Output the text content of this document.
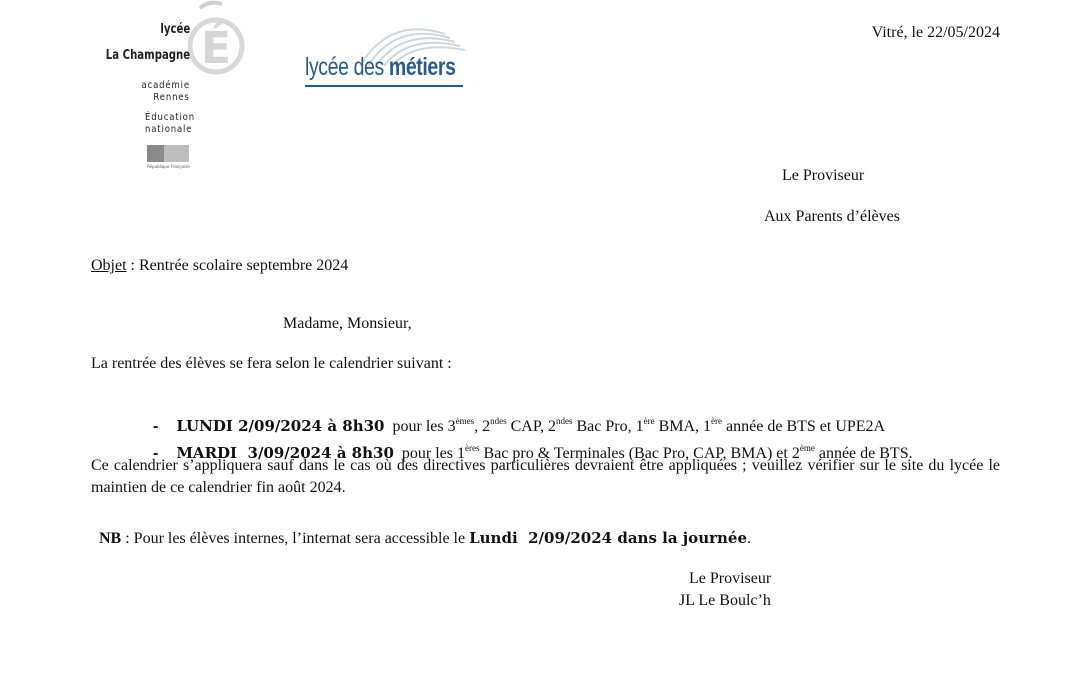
É
lycée
La Champagne
académie
Rennes
Éducation
nationale
République Française
lycée des métiers
Vitré, le 22/05/2024
Le Proviseur
Aux Parents d’élèves
Objet : Rentrée scolaire septembre 2024
Madame, Monsieur,
La rentrée des élèves se fera selon le calendrier suivant :

- LUNDI 2/09/2024 à 8h30  pour les 3èmes, $2^{ndes}$ CAP, $2^{ndes}$ Bac Pro, 1ère BMA, 1ère année de BTS et UPE2A

- MARDI  3/09/2024 à 8h30  pour les 1ères Bac pro & Terminales (Bac Pro, CAP, BMA) et 2ème année de BTS.

Ce calendrier s’appliquera sauf dans le cas où des directives particulières devraient être appliquées ; veuillez vérifier sur le site du lycée le maintien de ce calendrier fin août 2024.

NB : Pour les élèves internes, l’internat sera accessible le Lundi  2/09/2024 dans la journée.

Le Proviseur
JL Le Boulc’h
